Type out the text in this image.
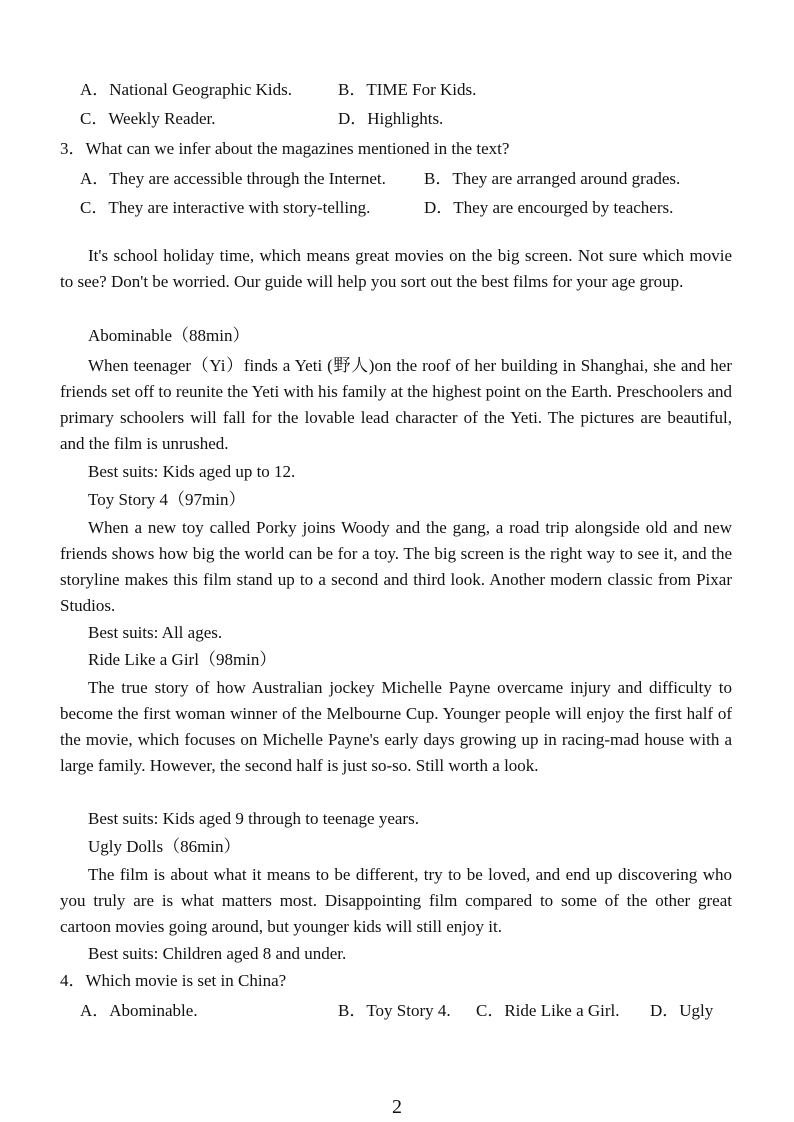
A．National Geographic Kids.	B．TIME For Kids.
C．Weekly Reader.	D．Highlights.
3．What can we infer about the magazines mentioned in the text?
A．They are accessible through the Internet. B．They are arranged around grades.
C．They are interactive with story-telling.	D．They are encourged by teachers.
It's school holiday time, which means great movies on the big screen. Not sure which movie to see? Don't be worried. Our guide will help you sort out the best films for your age group.
Abominable（88min）
When teenager（Yi）finds a Yeti (野人)on the roof of her building in Shanghai, she and her friends set off to reunite the Yeti with his family at the highest point on the Earth. Preschoolers and primary schoolers will fall for the lovable lead character of the Yeti. The pictures are beautiful, and the film is unrushed.
Best suits: Kids aged up to 12.
Toy Story 4（97min）
When a new toy called Porky joins Woody and the gang, a road trip alongside old and new friends shows how big the world can be for a toy. The big screen is the right way to see it, and the storyline makes this film stand up to a second and third look. Another modern classic from Pixar Studios.
Best suits: All ages.
Ride Like a Girl（98min）
The true story of how Australian jockey Michelle Payne overcame injury and difficulty to become the first woman winner of the Melbourne Cup. Younger people will enjoy the first half of the movie, which focuses on Michelle Payne's early days growing up in racing-mad house with a large family. However, the second half is just so-so. Still worth a look.
Best suits: Kids aged 9 through to teenage years.
Ugly Dolls（86min）
The film is about what it means to be different, try to be loved, and end up discovering who you truly are is what matters most. Disappointing film compared to some of the other great cartoon movies going around, but younger kids will still enjoy it.
Best suits: Children aged 8 and under.
4．Which movie is set in China?
A．Abominable.	B．Toy Story 4. C．Ride Like a Girl. D．Ugly
2
